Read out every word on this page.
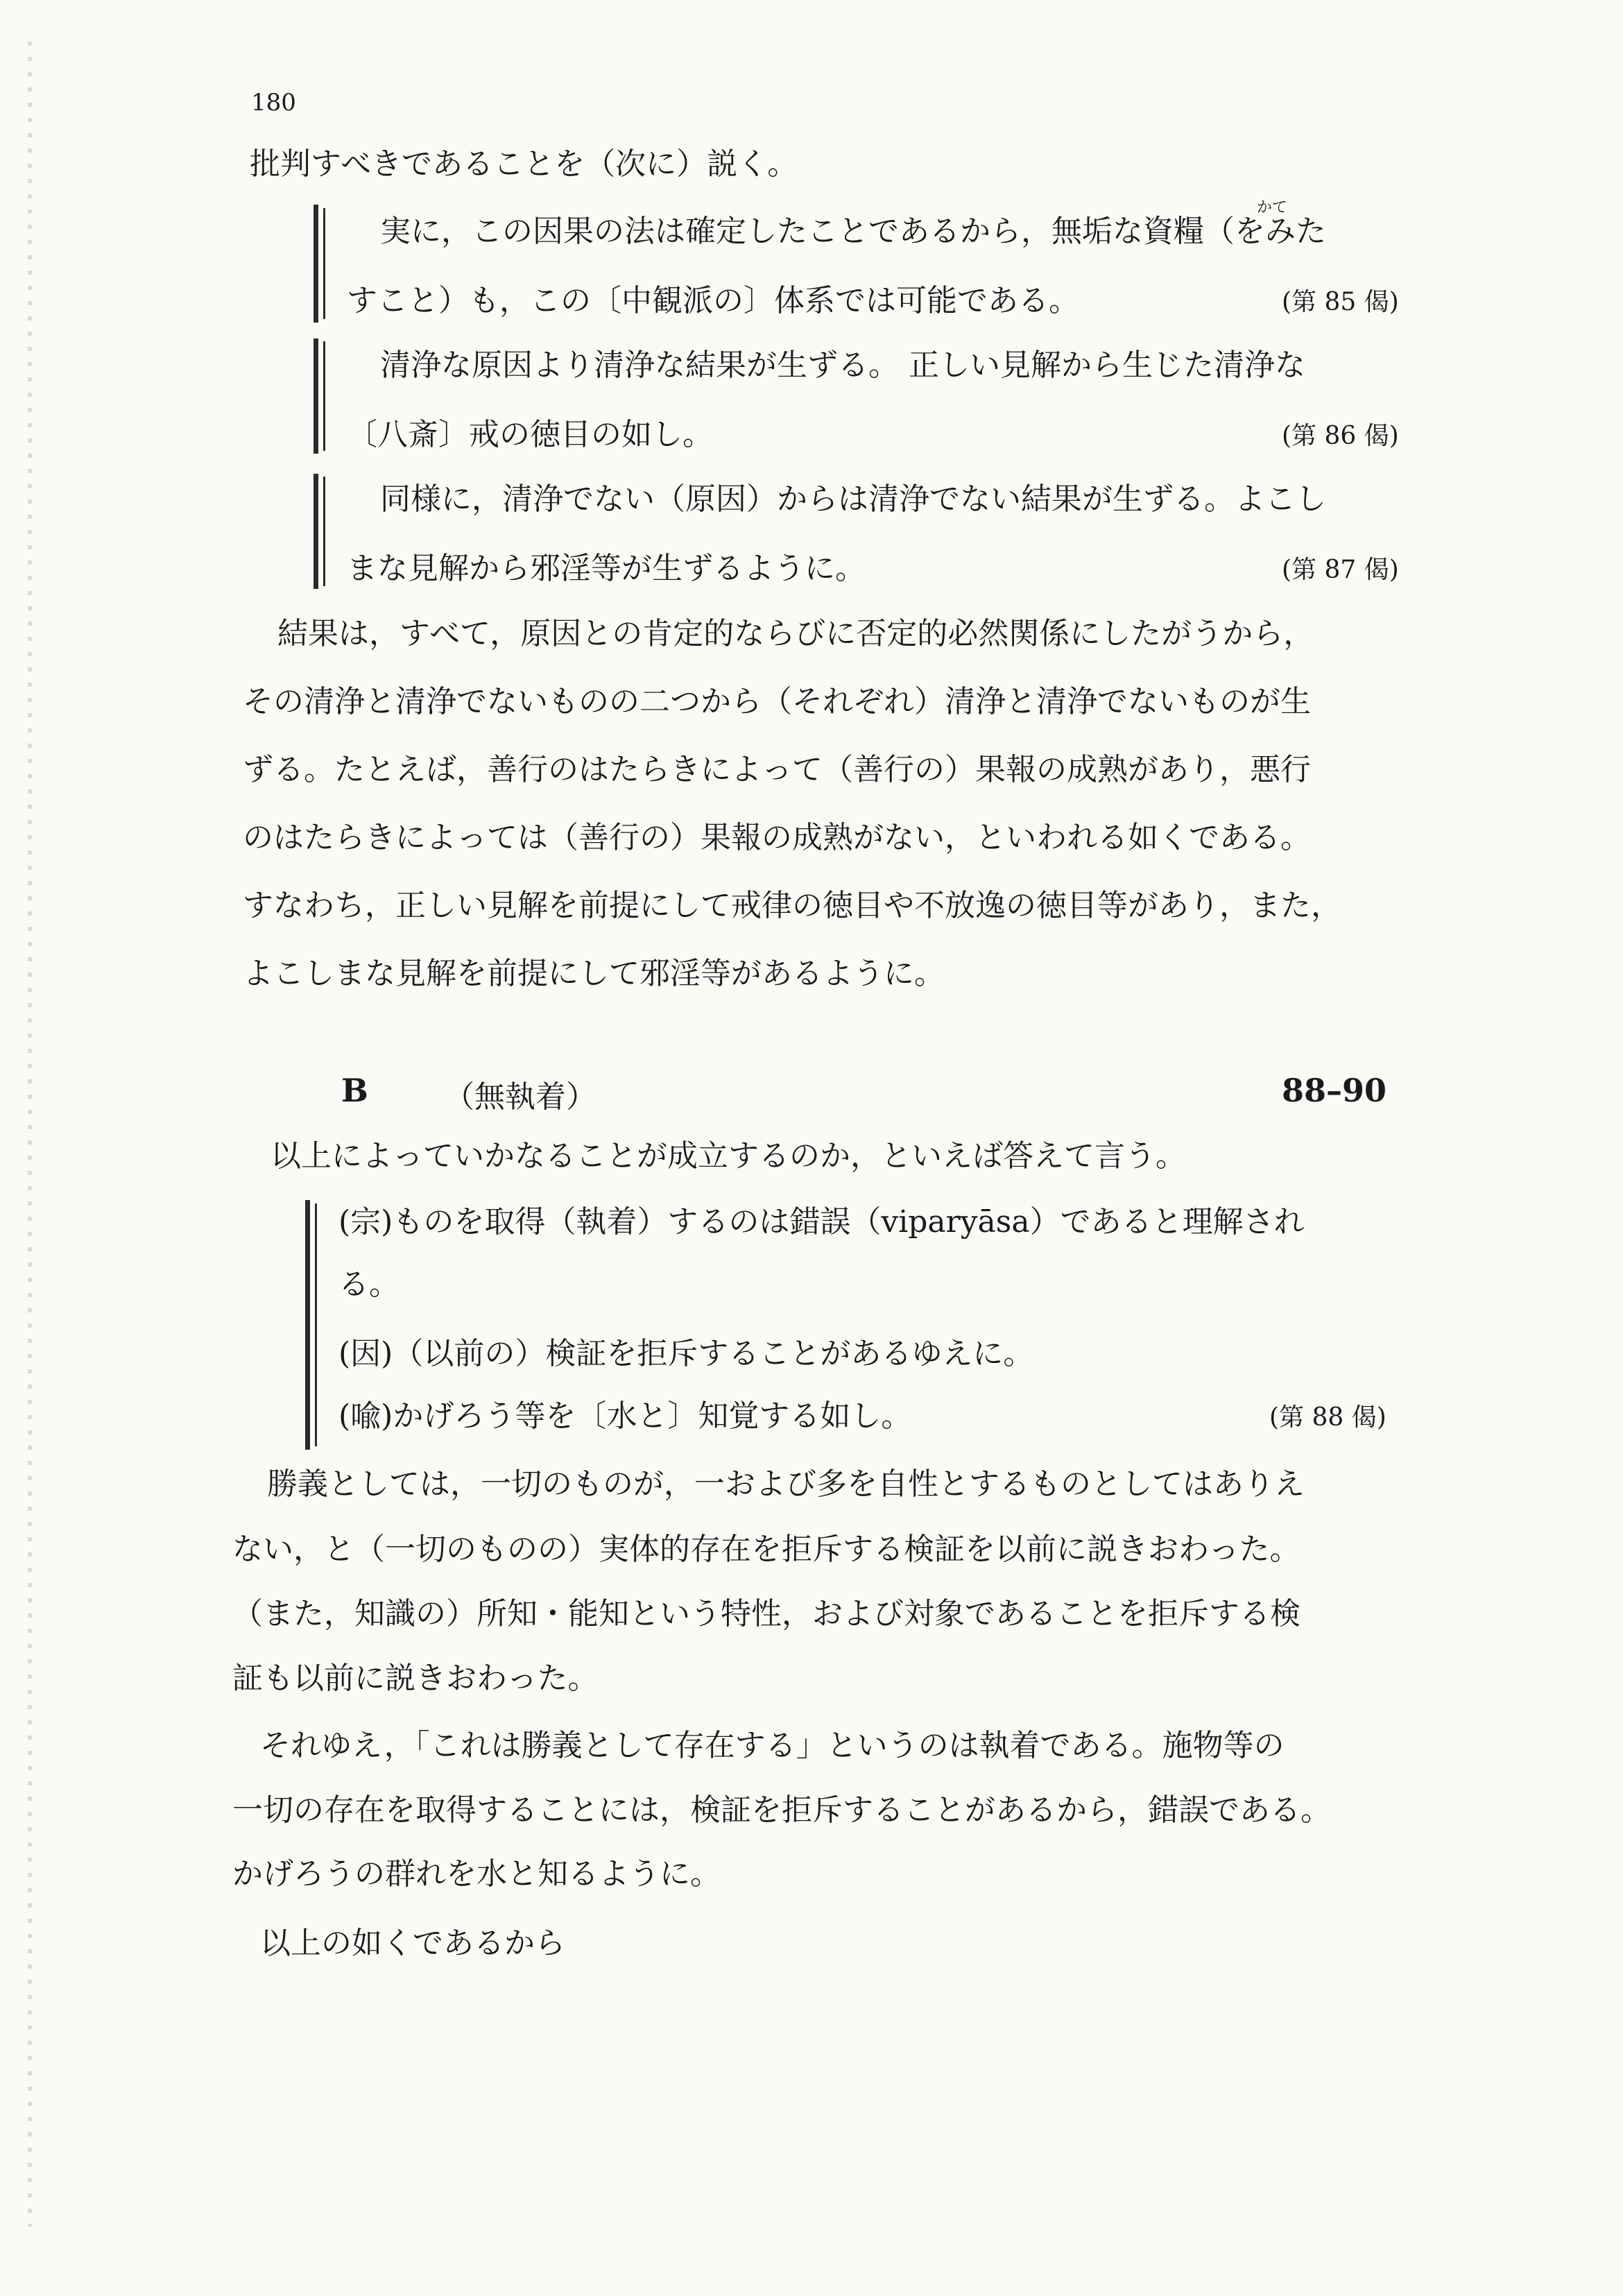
180
批判すべきであることを（次に）説く。
かて
実に，この因果の法は確定したことであるから，無垢な資糧（をみた
すこと）も，この〔中観派の〕体系では可能である。	(第 85 偈)
清浄な原因より清浄な結果が生ずる。 正しい見解から生じた清浄な
〔八斎〕戒の徳目の如し。	(第 86 偈)
同様に，清浄でない（原因）からは清浄でない結果が生ずる。よこし
まな見解から邪淫等が生ずるように。	(第 87 偈)
結果は，すべて，原因との肯定的ならびに否定的必然関係にしたがうから，
その清浄と清浄でないものの二つから（それぞれ）清浄と清浄でないものが生
ずる。たとえば，善行のはたらきによって（善行の）果報の成熟があり，悪行
のはたらきによっては（善行の）果報の成熟がない，といわれる如くである。
すなわち，正しい見解を前提にして戒律の徳目や不放逸の徳目等があり，また，
よこしまな見解を前提にして邪淫等があるように。
B （無執着）	88–90
以上によっていかなることが成立するのか，といえば答えて言う。
(宗)ものを取得（執着）するのは錯誤（viparyāsa）であると理解され
る。
(因)（以前の）検証を拒斥することがあるゆえに。
(喩)かげろう等を〔水と〕知覚する如し。	(第 88 偈)
勝義としては，一切のものが，一および多を自性とするものとしてはありえ
ない，と（一切のものの）実体的存在を拒斥する検証を以前に説きおわった。
（また，知識の）所知・能知という特性，および対象であることを拒斥する検
証も以前に説きおわった。
それゆえ，「これは勝義として存在する」というのは執着である。施物等の
一切の存在を取得することには，検証を拒斥することがあるから，錯誤である。
かげろうの群れを水と知るように。
以上の如くであるから
